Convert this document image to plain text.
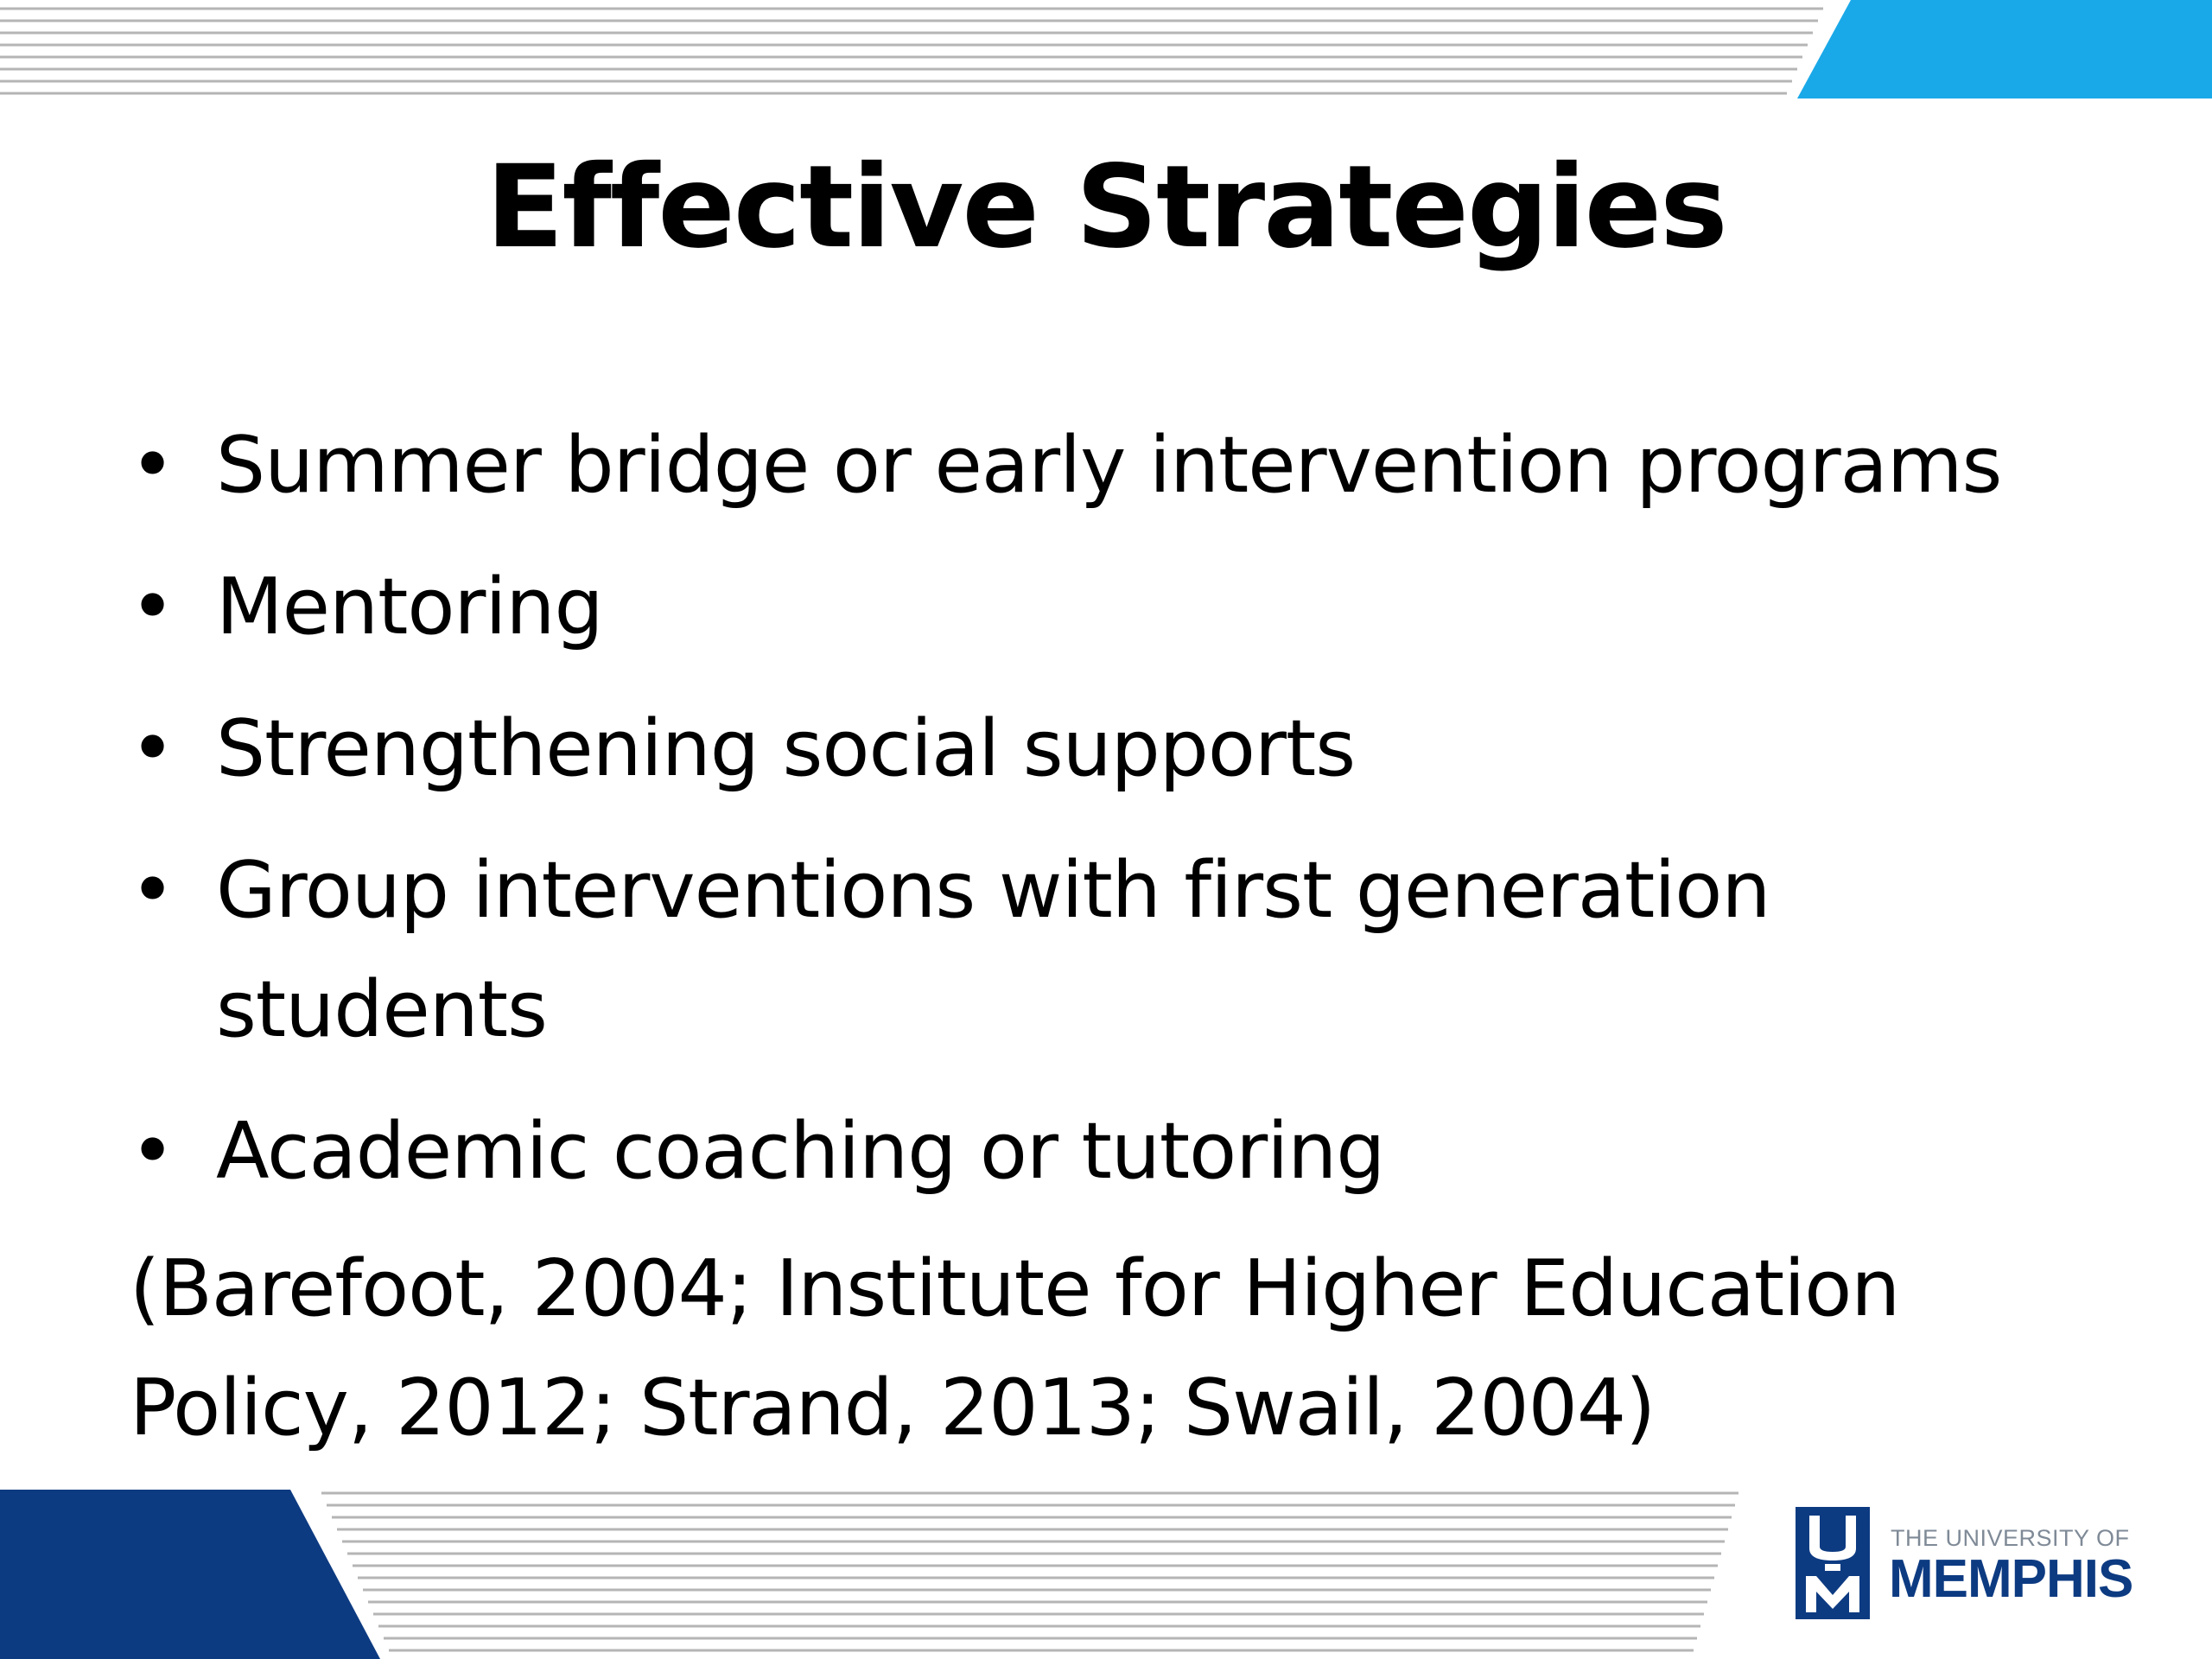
Effective Strategies
• Summer bridge or early intervention programs
• Mentoring
• Strengthening social supports
• Group interventions with first generation students
• Academic coaching or tutoring

(Barefoot, 2004; Institute for Higher Education Policy, 2012; Strand, 2013; Swail, 2004)

THE UNIVERSITY OF
MEMPHIS
